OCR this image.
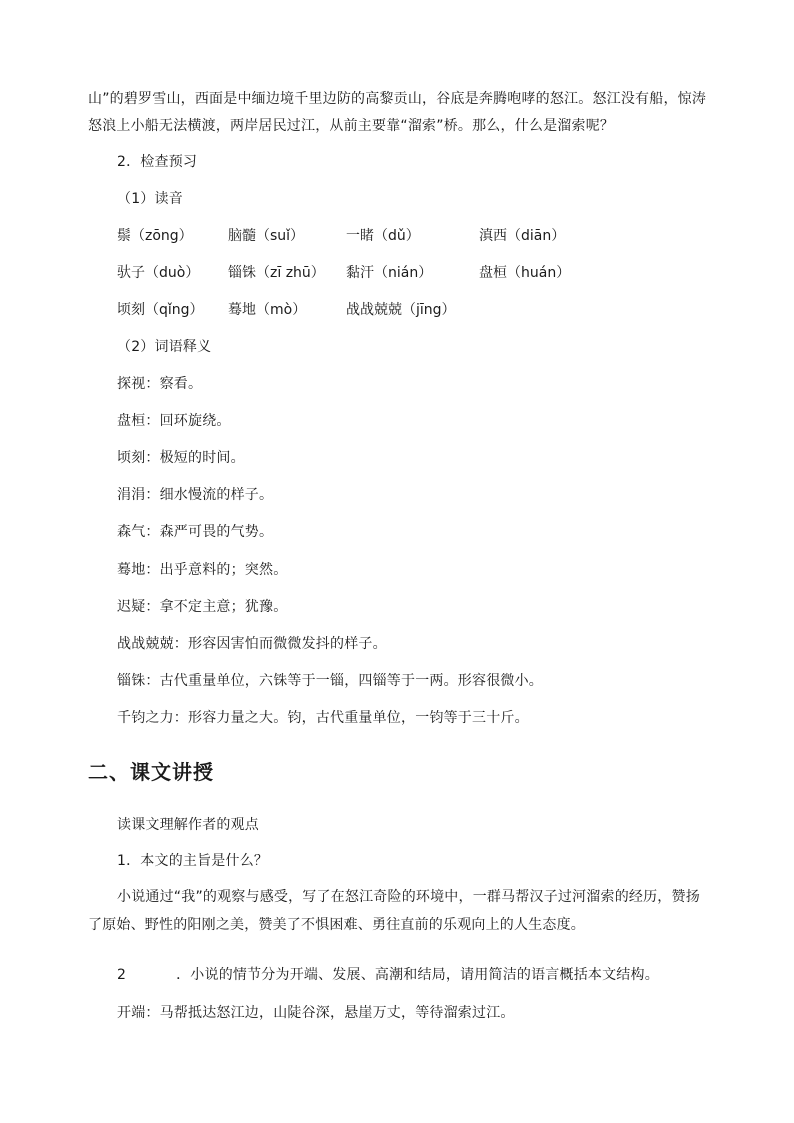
山”的碧罗雪山，西面是中缅边境千里边防的高黎贡山，谷底是奔腾咆哮的怒江。怒江没有船，惊涛
怒浪上小船无法横渡，两岸居民过江，从前主要靠“溜索”桥。那么，什么是溜索呢？
2．检查预习
（1）读音
鬃（zōng）	脑髓（suǐ）	一睹（dǔ）	滇西（diān）
驮子（duò） 锱铢（zī zhū） 黏汗（nián）	盘桓（huán）
顷刻（qǐng） 蓦地（mò）	战战兢兢（jīng）
（2）词语释义
探视：察看。
盘桓：回环旋绕。
顷刻：极短的时间。
涓涓：细水慢流的样子。
森气：森严可畏的气势。
蓦地：出乎意料的；突然。
迟疑：拿不定主意；犹豫。
战战兢兢：形容因害怕而微微发抖的样子。
锱铢：古代重量单位，六铢等于一锱，四锱等于一两。形容很微小。
千钧之力：形容力量之大。钧，古代重量单位，一钧等于三十斤。
二、课文讲授
读课文理解作者的观点
1．本文的主旨是什么？
小说通过“我”的观察与感受，写了在怒江奇险的环境中，一群马帮汉子过河溜索的经历，赞扬了原始、野性的阳刚之美，赞美了不惧困难、勇往直前的乐观向上的人生态度。
2	．小说的情节分为开端、发展、高潮和结局，请用简洁的语言概括本文结构。
开端：马帮抵达怒江边，山陡谷深，悬崖万丈，等待溜索过江。
